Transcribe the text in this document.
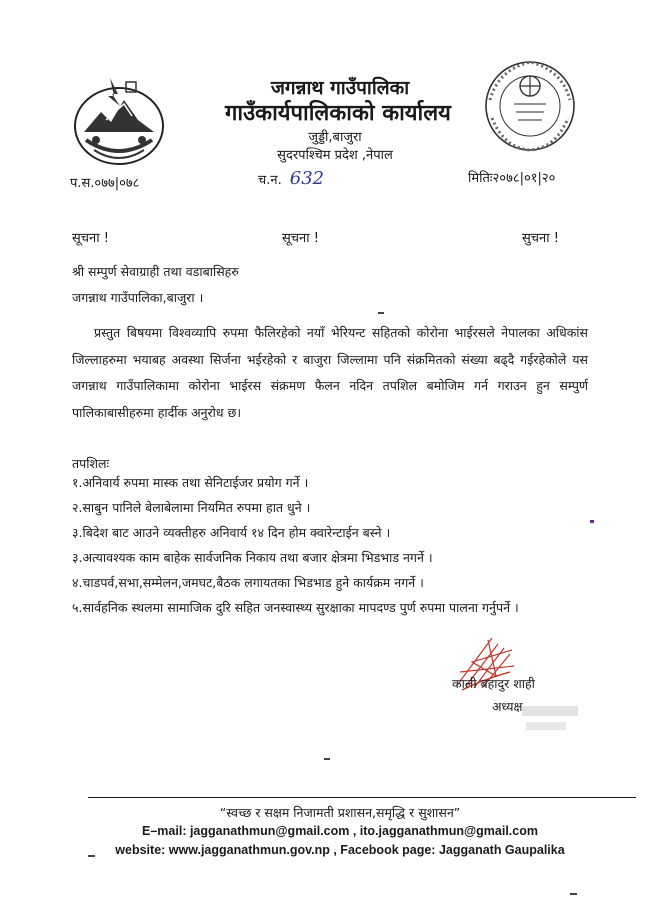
जगन्नाथ गाउँपालिका
गाउँकार्यपालिकाको कार्यालय
जुड्डी,बाजुरा
सुदरपश्चिम प्रदेश ,नेपाल
प.स.०७७|०७८	च.न. 632	मितिः२०७८|०१|२०
सूचना !	सूचना !	सुचना !
श्री सम्पुर्ण सेवाग्राही तथा वडाबासिहरु
जगन्नाथ गाउँपालिका,बाजुरा ।
प्रस्तुत बिषयमा विश्वव्यापि रुपमा फैलिरहेको नयाँ भेरियन्ट सहितको कोरोना भाईरसले नेपालका अधिकांस जिल्लाहरुमा भयाबह अवस्था सिर्जना भईरहेको र बाजुरा जिल्लामा पनि संक्रमितको संख्या बढ्दै गईरहेकोले यस जगन्नाथ गाउँपालिकामा कोरोना भाईरस संक्रमण फैलन नदिन तपशिल बमोजिम गर्न गराउन हुन सम्पुर्ण पालिकाबासीहरुमा हार्दीक अनुरोध छ।
तपशिलः
१.अनिवार्य रुपमा मास्क तथा सेनिटाईजर प्रयोग गर्ने ।
२.साबुन पानिले बेलाबेलामा नियमित रुपमा हात धुने ।
३.बिदेश बाट आउने व्यक्तीहरु अनिवार्य १४ दिन होम क्वारेन्टाईन बस्ने ।
३.अत्यावश्यक काम बाहेक सार्वजनिक निकाय तथा बजार क्षेत्रमा भिडभाड नगर्ने ।
४.चाडपर्व,सभा,सम्मेलन,जमघट,बैठक लगायतका भिडभाड हुने कार्यक्रम नगर्ने ।
५.सार्वहनिक स्थलमा सामाजिक दुरि सहित जनस्वास्थ्य सुरक्षाका मापदण्ड पुर्ण रुपमा पालना गर्नुपर्ने ।
काली बहादुर शाही
अध्यक्ष
“स्वच्छ र सक्षम निजामती प्रशासन,समृद्धि र सुशासन”
E–mail: jagganathmun@gmail.com , ito.jagganathmun@gmail.com
website: www.jagganathmun.gov.np , Facebook page: Jagganath Gaupalika
